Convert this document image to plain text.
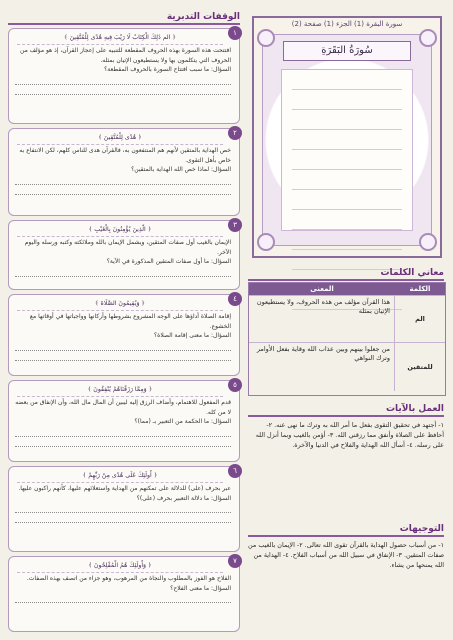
سورة البقرة (1) الجزء (1) صفحة (2)
سُورَةُ البَقَرَةِ
معاني الكلمات
الكلمة
المعنى
الم
هذا القرآن مؤلف من هذه الحروف، ولا يستطيعون الإتيان بمثله
للمتقين
من جعلوا بينهم وبين عذاب الله وقاية بفعل الأوامر وترك النواهي
العمل بالآيات
١- أجتهد في تحقيق التقوى بفعل ما أمر الله به وترك ما نهى عنه. ٢- أحافظ على الصلاة وأنفق مما رزقني الله. ٣- أؤمن بالغيب وبما أنزل الله على رسله. ٤- أسأل الله الهداية والفلاح في الدنيا والآخرة.
التوجيهات
١- من أسباب حصول الهداية بالقرآن تقوى الله تعالى. ٢- الإيمان بالغيب من صفات المتقين. ٣- الإنفاق في سبيل الله من أسباب الفلاح. ٤- الهداية من الله يمنحها من يشاء.
الوقفات التدبرية
١
﴿ الم ذَلِكَ الْكِتَابُ لَا رَيْبَ فِيهِ هُدًى لِلْمُتَّقِينَ ﴾
افتتحت هذه السورة بهذه الحروف المقطعة للتنبيه على إعجاز القرآن، إذ هو مؤلف من الحروف التي يتكلمون بها ولا يستطيعون الإتيان بمثله.
السؤال: ما سبب افتتاح السورة بالحروف المقطعة؟
٢
﴿ هُدًى لِلْمُتَّقِينَ ﴾
خص الهداية بالمتقين لأنهم هم المنتفعون به، فالقرآن هدى للناس كلهم، لكن الانتفاع به خاص بأهل التقوى.
السؤال: لماذا خص الله الهداية بالمتقين؟
٣
﴿ الَّذِينَ يُؤْمِنُونَ بِالْغَيْبِ ﴾
الإيمان بالغيب أول صفات المتقين، ويشمل الإيمان بالله وملائكته وكتبه ورسله واليوم الآخر.
السؤال: ما أول صفات المتقين المذكورة في الآية؟
٤
﴿ وَيُقِيمُونَ الصَّلَاةَ ﴾
إقامة الصلاة أداؤها على الوجه المشروع بشروطها وأركانها وواجباتها في أوقاتها مع الخشوع.
السؤال: ما معنى إقامة الصلاة؟
٥
﴿ وَمِمَّا رَزَقْنَاهُمْ يُنْفِقُونَ ﴾
قدم المفعول للاهتمام، وأضاف الرزق إليه ليبين أن المال مال الله، وأن الإنفاق من بعضه لا من كله.
السؤال: ما الحكمة من التعبير بـ (مما)؟
٦
﴿ أُولَئِكَ عَلَى هُدًى مِنْ رَبِّهِمْ ﴾
عبر بحرف (على) للدلالة على تمكنهم من الهداية واستعلائهم عليها، كأنهم راكبون عليها.
السؤال: ما دلالة التعبير بحرف (على)؟
٧
﴿ وَأُولَئِكَ هُمُ الْمُفْلِحُونَ ﴾
الفلاح هو الفوز بالمطلوب والنجاة من المرهوب، وهو جزاء من اتصف بهذه الصفات.
السؤال: ما معنى الفلاح؟
